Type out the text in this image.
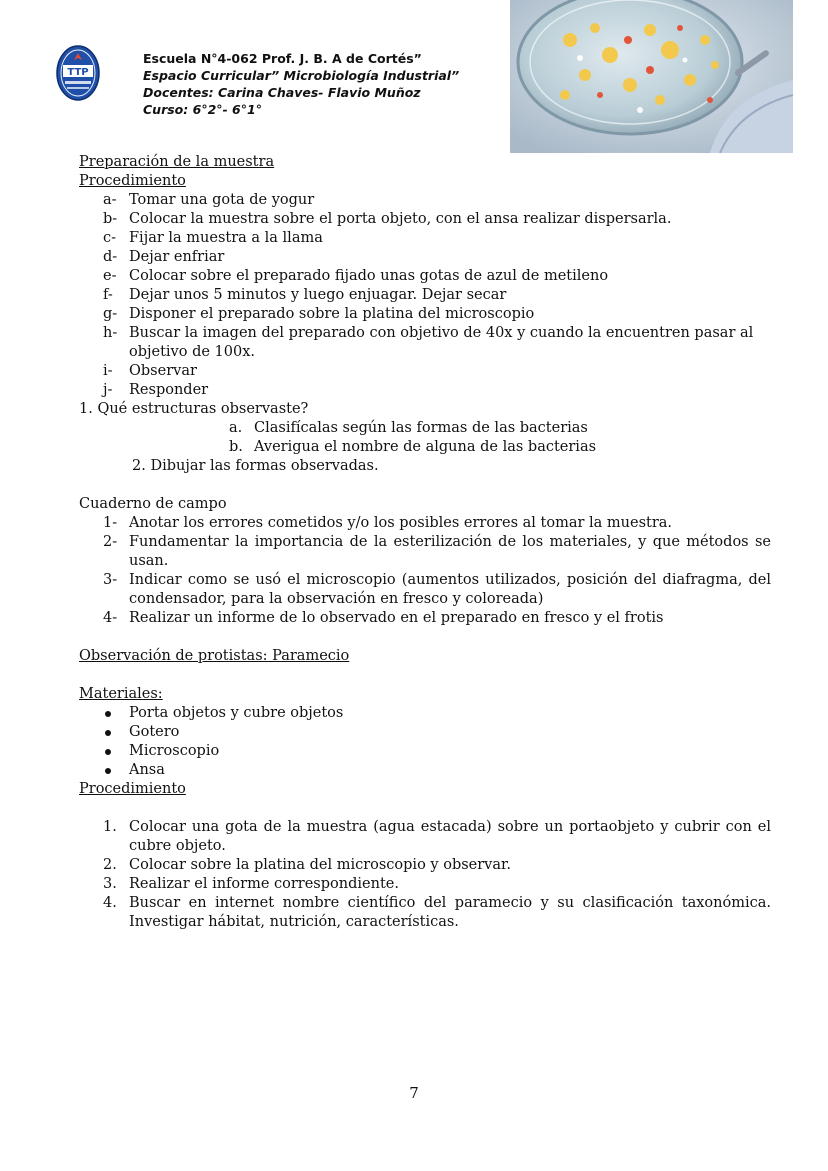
TTP
Escuela N°4-062 Prof. J. B. A de Cortés”
Espacio Curricular” Microbiología Industrial”
Docentes: Carina Chaves- Flavio Muñoz
Curso: 6°2°- 6°1°
Preparación de la muestra
Procedimiento
a- Tomar una gota de yogur
b- Colocar la muestra sobre el porta objeto, con el ansa realizar dispersarla.
c- Fijar la muestra a la llama
d- Dejar enfriar
e- Colocar sobre el preparado fijado unas gotas de azul de metileno
f- Dejar unos 5 minutos y luego enjuagar. Dejar secar
g- Disponer el preparado sobre la platina del microscopio
h- Buscar la imagen del preparado con objetivo de 40x y cuando la encuentren pasar al objetivo de 100x.
i- Observar
j- Responder
1. Qué estructuras observaste?
a. Clasifícalas según las formas de las bacterias
b. Averigua el nombre de alguna de las bacterias
2. Dibujar las formas observadas.
Cuaderno de campo
1- Anotar los errores cometidos y/o los posibles errores al tomar la muestra.
2- Fundamentar la importancia de la esterilización de los materiales, y que métodos se usan.
3- Indicar como se usó el microscopio (aumentos utilizados, posición del diafragma, del condensador, para la observación en fresco y coloreada)
4- Realizar un informe de lo observado en el preparado en fresco y el frotis
Observación de protistas: Paramecio
Materiales:
Porta objetos y cubre objetos
Gotero
Microscopio
Ansa
Procedimiento
1. Colocar una gota de la muestra (agua estacada) sobre un portaobjeto y cubrir con el cubre objeto.
2. Colocar sobre la platina del microscopio y observar.
3. Realizar el informe correspondiente.
4. Buscar en internet nombre científico del paramecio y su clasificación taxonómica. Investigar hábitat, nutrición, características.
7
